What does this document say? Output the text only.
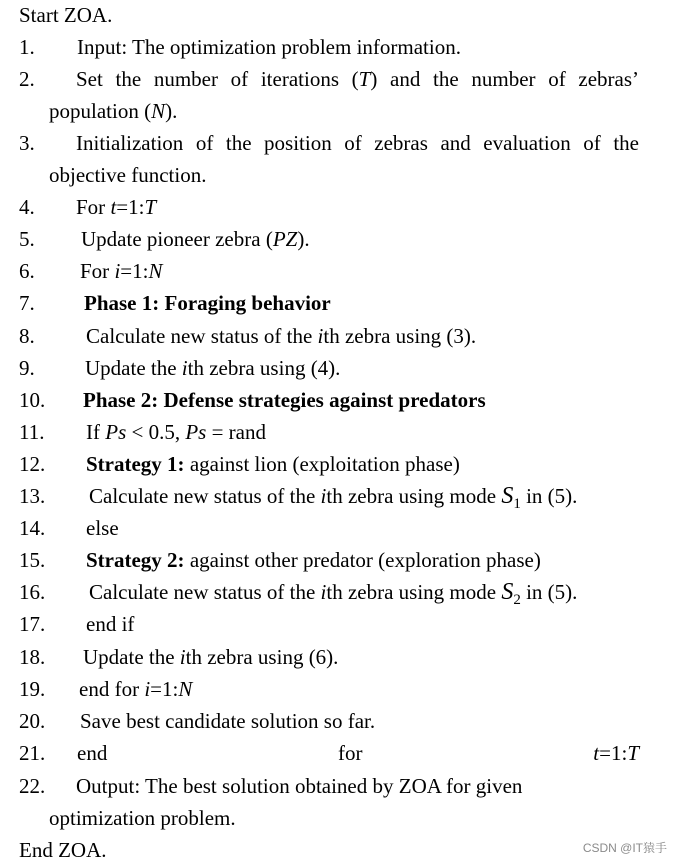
Start ZOA.
1. Input: The optimization problem information.
2. Set the number of iterations (T) and the number of zebras’
population (N).
3. Initialization of the position of zebras and evaluation of the
objective function.
4. For t=1:T
5. Update pioneer zebra (PZ).
6. For i=1:N
7. Phase 1: Foraging behavior
8. Calculate new status of the ith zebra using (3).
9. Update the ith zebra using (4).
10. Phase 2: Defense strategies against predators
11. If Ps < 0.5, Ps = rand
12. Strategy 1: against lion (exploitation phase)
13. Calculate new status of the ith zebra using mode $S_1$ in (5).
14. else
15. Strategy 2: against other predator (exploration phase)
16. Calculate new status of the ith zebra using mode $S_2$ in (5).
17. end if
18. Update the ith zebra using (6).
19. end for i=1:N
20. Save best candidate solution so far.
21. end for t=1:T
22. Output: The best solution obtained by ZOA for given
optimization problem.
End ZOA.	CSDN @IT猿手
